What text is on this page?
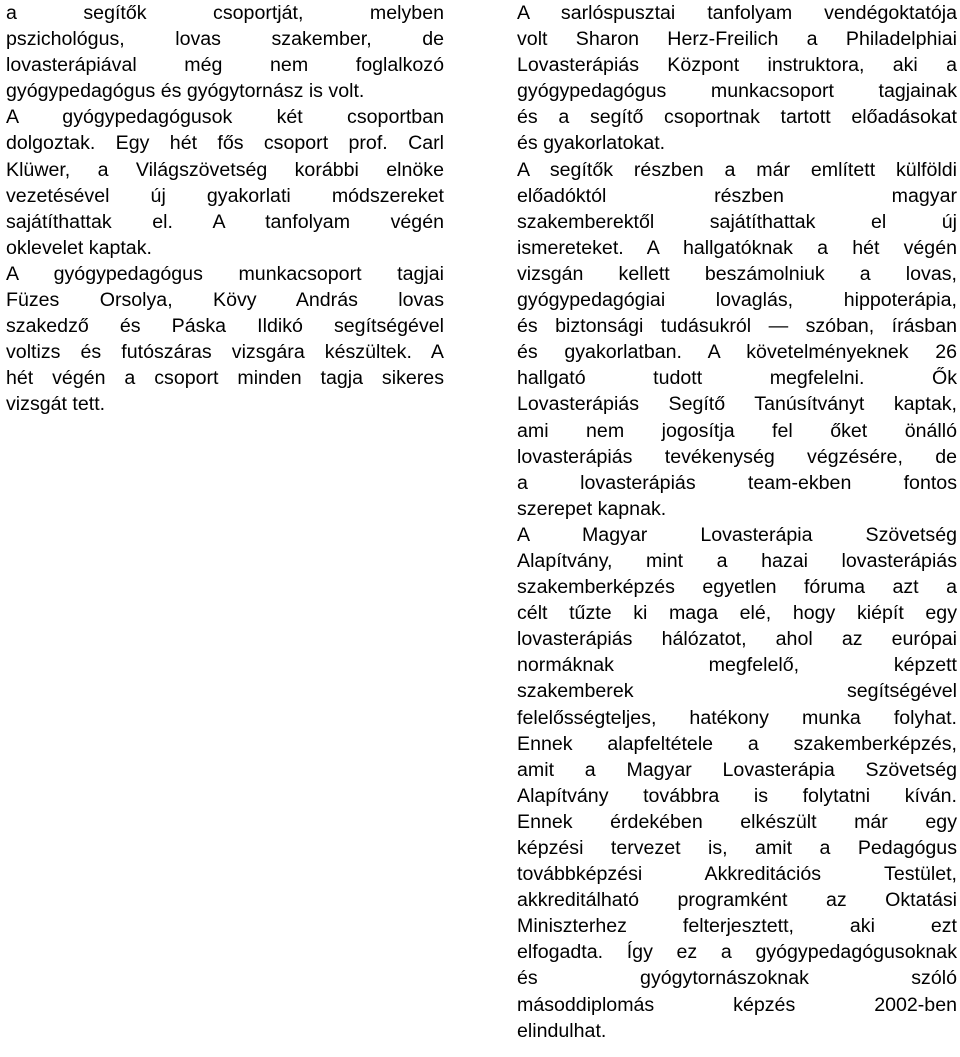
a segítők csoportját, melyben

pszichológus, lovas szakember, de

lovasterápiával még nem foglalkozó

gyógypedagógus és gyógytornász is volt.

A gyógypedagógusok két csoportban

dolgoztak. Egy hét fős csoport prof. Carl

Klüwer, a Világszövetség korábbi elnöke

vezetésével új gyakorlati módszereket

sajátíthattak el. A tanfolyam végén

oklevelet kaptak.

A gyógypedagógus munkacsoport tagjai

Füzes Orsolya, Kövy András lovas

szakedző és Páska Ildikó segítségével

voltizs és futószáras vizsgára készültek. A

hét végén a csoport minden tagja sikeres

vizsgát tett.

A sarlóspusztai tanfolyam vendégoktatója

volt Sharon Herz-Freilich a Philadelphiai

Lovasterápiás Központ instruktora, aki a

gyógypedagógus munkacsoport tagjainak

és a segítő csoportnak tartott előadásokat

és gyakorlatokat.

A segítők részben a már említett külföldi

előadóktól részben magyar

szakemberektől sajátíthattak el új

ismereteket. A hallgatóknak a hét végén

vizsgán kellett beszámolniuk a lovas,

gyógypedagógiai lovaglás, hippoterápia,

és biztonsági tudásukról — szóban, írásban

és gyakorlatban. A követelményeknek 26

hallgató tudott megfelelni. Ők

Lovasterápiás Segítő Tanúsítványt kaptak,

ami nem jogosítja fel őket önálló

lovasterápiás tevékenység végzésére, de

a lovasterápiás team-ekben fontos

szerepet kapnak.

A Magyar Lovasterápia Szövetség

Alapítvány, mint a hazai lovasterápiás

szakemberképzés egyetlen fóruma azt a

célt tűzte ki maga elé, hogy kiépít egy

lovasterápiás hálózatot, ahol az európai

normáknak megfelelő, képzett

szakemberek segítségével

felelősségteljes, hatékony munka folyhat.

Ennek alapfeltétele a szakemberképzés,

amit a Magyar Lovasterápia Szövetség

Alapítvány továbbra is folytatni kíván.

Ennek érdekében elkészült már egy

képzési tervezet is, amit a Pedagógus

továbbképzési Akkreditációs Testület,

akkreditálható programként az Oktatási

Miniszterhez felterjesztett, aki ezt

elfogadta. Így ez a gyógypedagógusoknak

és gyógytornászoknak szóló

másoddiplomás képzés 2002-ben

elindulhat.
